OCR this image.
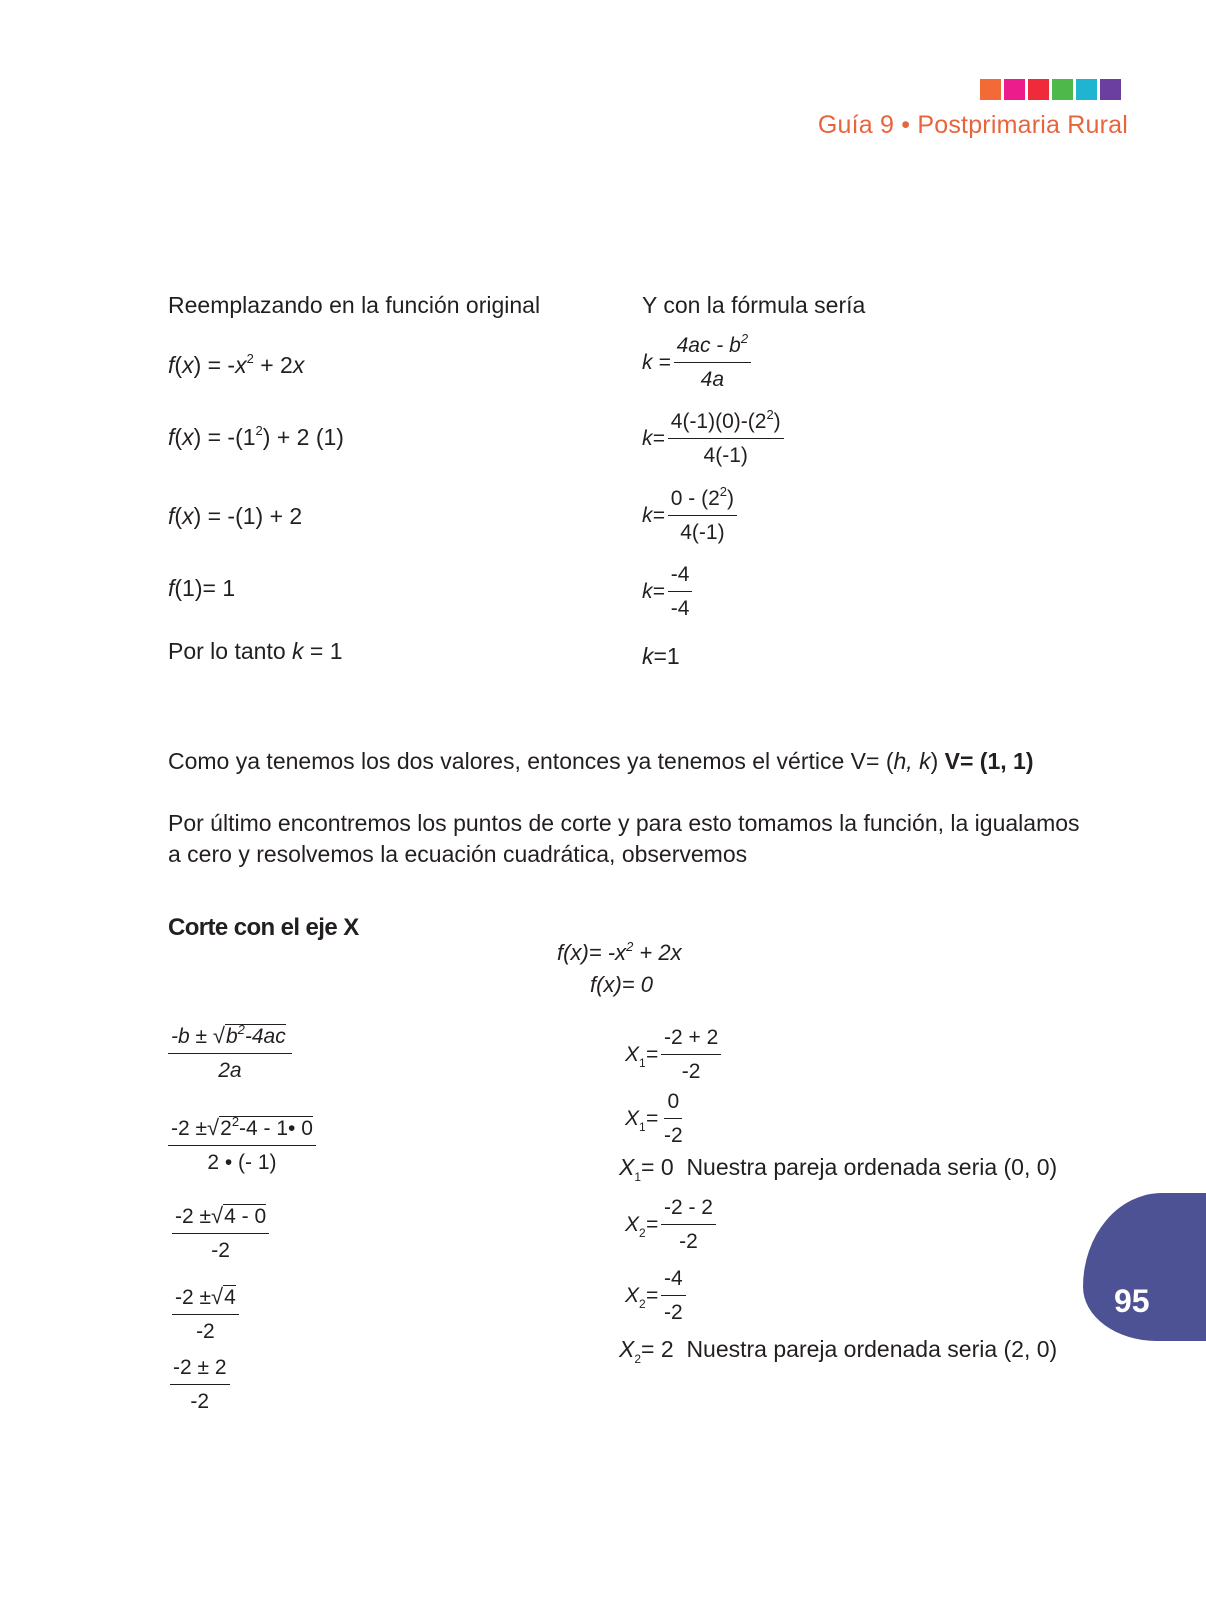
Guía 9 • Postprimaria Rural
95
Reemplazando en la función original
$f(x) = -x^2 + 2x$
$f(x) = -(1^2) + 2$ (1)
f(x) = -(1) + 2
f(1)= 1
Por lo tanto k = 1
Y con la fórmula sería
$k = \frac{4ac - b^2}{4a}$
$k= \frac{4(-1)(0)-(2^2)}{4(-1)}$
$k= \frac{0 - (2^2)}{4(-1)}$
$k= \frac{-4}{-4}$
k=1
Como ya tenemos los dos valores, entonces ya tenemos el vértice V= (h, k) V= (1, 1)
Por último encontremos los puntos de corte y para esto tomamos la función, la igualamos a cero y resolvemos la ecuación cuadrática, observemos
Corte con el eje X
$f(x)= -x^2 + 2x$
f(x)= 0
$\frac{-b \pm √b^2-4ac}{2a}$
$\frac{-2 \pm√2^2-4 - 1• 0}{2 • (- 1)}$
$\frac{-2 \pm√4 - 0}{-2}$
$\frac{-2 \pm√4}{-2}$
$\frac{-2 \pm 2}{-2}$
$X_1= \frac{-2 + 2}{-2}$
$X_1= \frac{0}{-2}$
$X_1= 0$ Nuestra pareja ordenada seria (0, 0)
$X_2= \frac{-2 - 2}{-2}$
$X_2= \frac{-4}{-2}$
$X_2= 2$ Nuestra pareja ordenada seria (2, 0)
